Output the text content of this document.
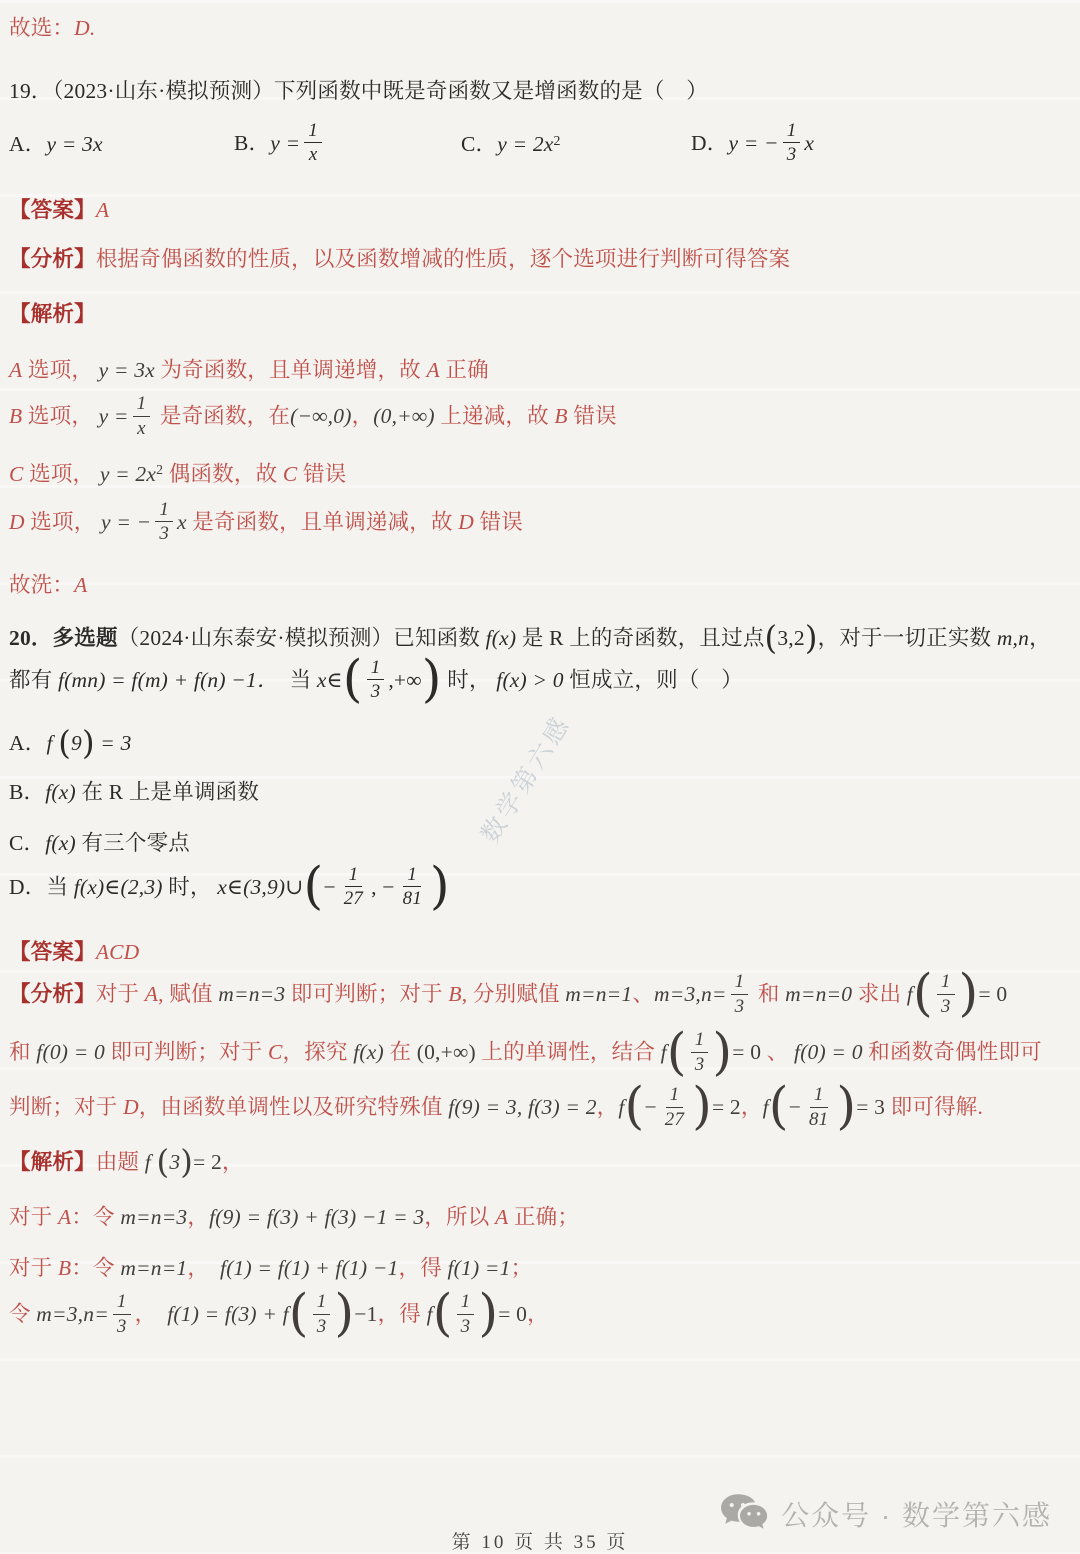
故选：D.
19．（2023·山东·模拟预测）下列函数中既是奇函数又是增函数的是（　）
A．y = 3x	B．$y = \frac{1}{x}$	C．$y = 2x^2$	D．y = − $\frac{1}{3}$ x
【答案】A
【分析】根据奇偶函数的性质，以及函数增减的性质，逐个选项进行判断可得答案
【解析】
A 选项， y = 3x 为奇函数，且单调递增，故 A 正确
B 选项， $y = \frac{1}{x}$ 是奇函数，在(−∞,0)，(0,+∞) 上递减，故 B 错误
C 选项， $y = 2x^2$ 偶函数，故 C 错误
D 选项， y = − $\frac{1}{3}$ x 是奇函数，且单调递减，故 D 错误
故洗：A
20．多选题（2024·山东泰安·模拟预测）已知函数 f(x) 是 R 上的奇函数，且过点(3,2)，对于一切正实数 m,n，
都有 f(mn) = f(m) + f(n) −1．　当 x∈( $\frac{1}{3}$ ,+∞) 时， f(x) > 0 恒成立，则（　）
A．f (9) = 3
B．f(x) 在 R 上是单调函数
C．f(x) 有三个零点
D．当 f(x)∈(2,3) 时， x∈(3,9)∪(− $\frac{1}{27}$ , − $\frac{1}{81}$ )
【答案】ACD
【分析】对于 A, 赋值 m=n=3 即可判断；对于 B, 分别赋值 m=n=1、$m=3,n= \frac{1}{3}$ 和 m=n=0 求出 $f( \frac{1}{3}$ )= 0
和 f(0) = 0 即可判断；对于 C，探究 f(x) 在 (0,+∞) 上的单调性，结合 $f( \frac{1}{3}$ )= 0 、 f(0) = 0 和函数奇偶性即可
判断；对于 D，由函数单调性以及研究特殊值 f(9) = 3, f(3) = 2，$f(- \frac{1}{27}$ )= 2，$f(- \frac{1}{81}$ )= 3 即可得解.
【解析】由题 f (3)= 2，
对于 A：令 m=n=3，f(9) = f(3) + f(3) −1 = 3，所以 A 正确；
对于 B：令 m=n=1，　f(1) = f(1) + f(1) −1，得 f(1) =1；
令 $m=3,n= \frac{1}{3}$ ，　$f(1) = f(3) + f( \frac{1}{3} )-1$，得 $f( \frac{1}{3}$ )= 0，
数学第六感
公众号 · 数学第六感
第 10 页 共 35 页
